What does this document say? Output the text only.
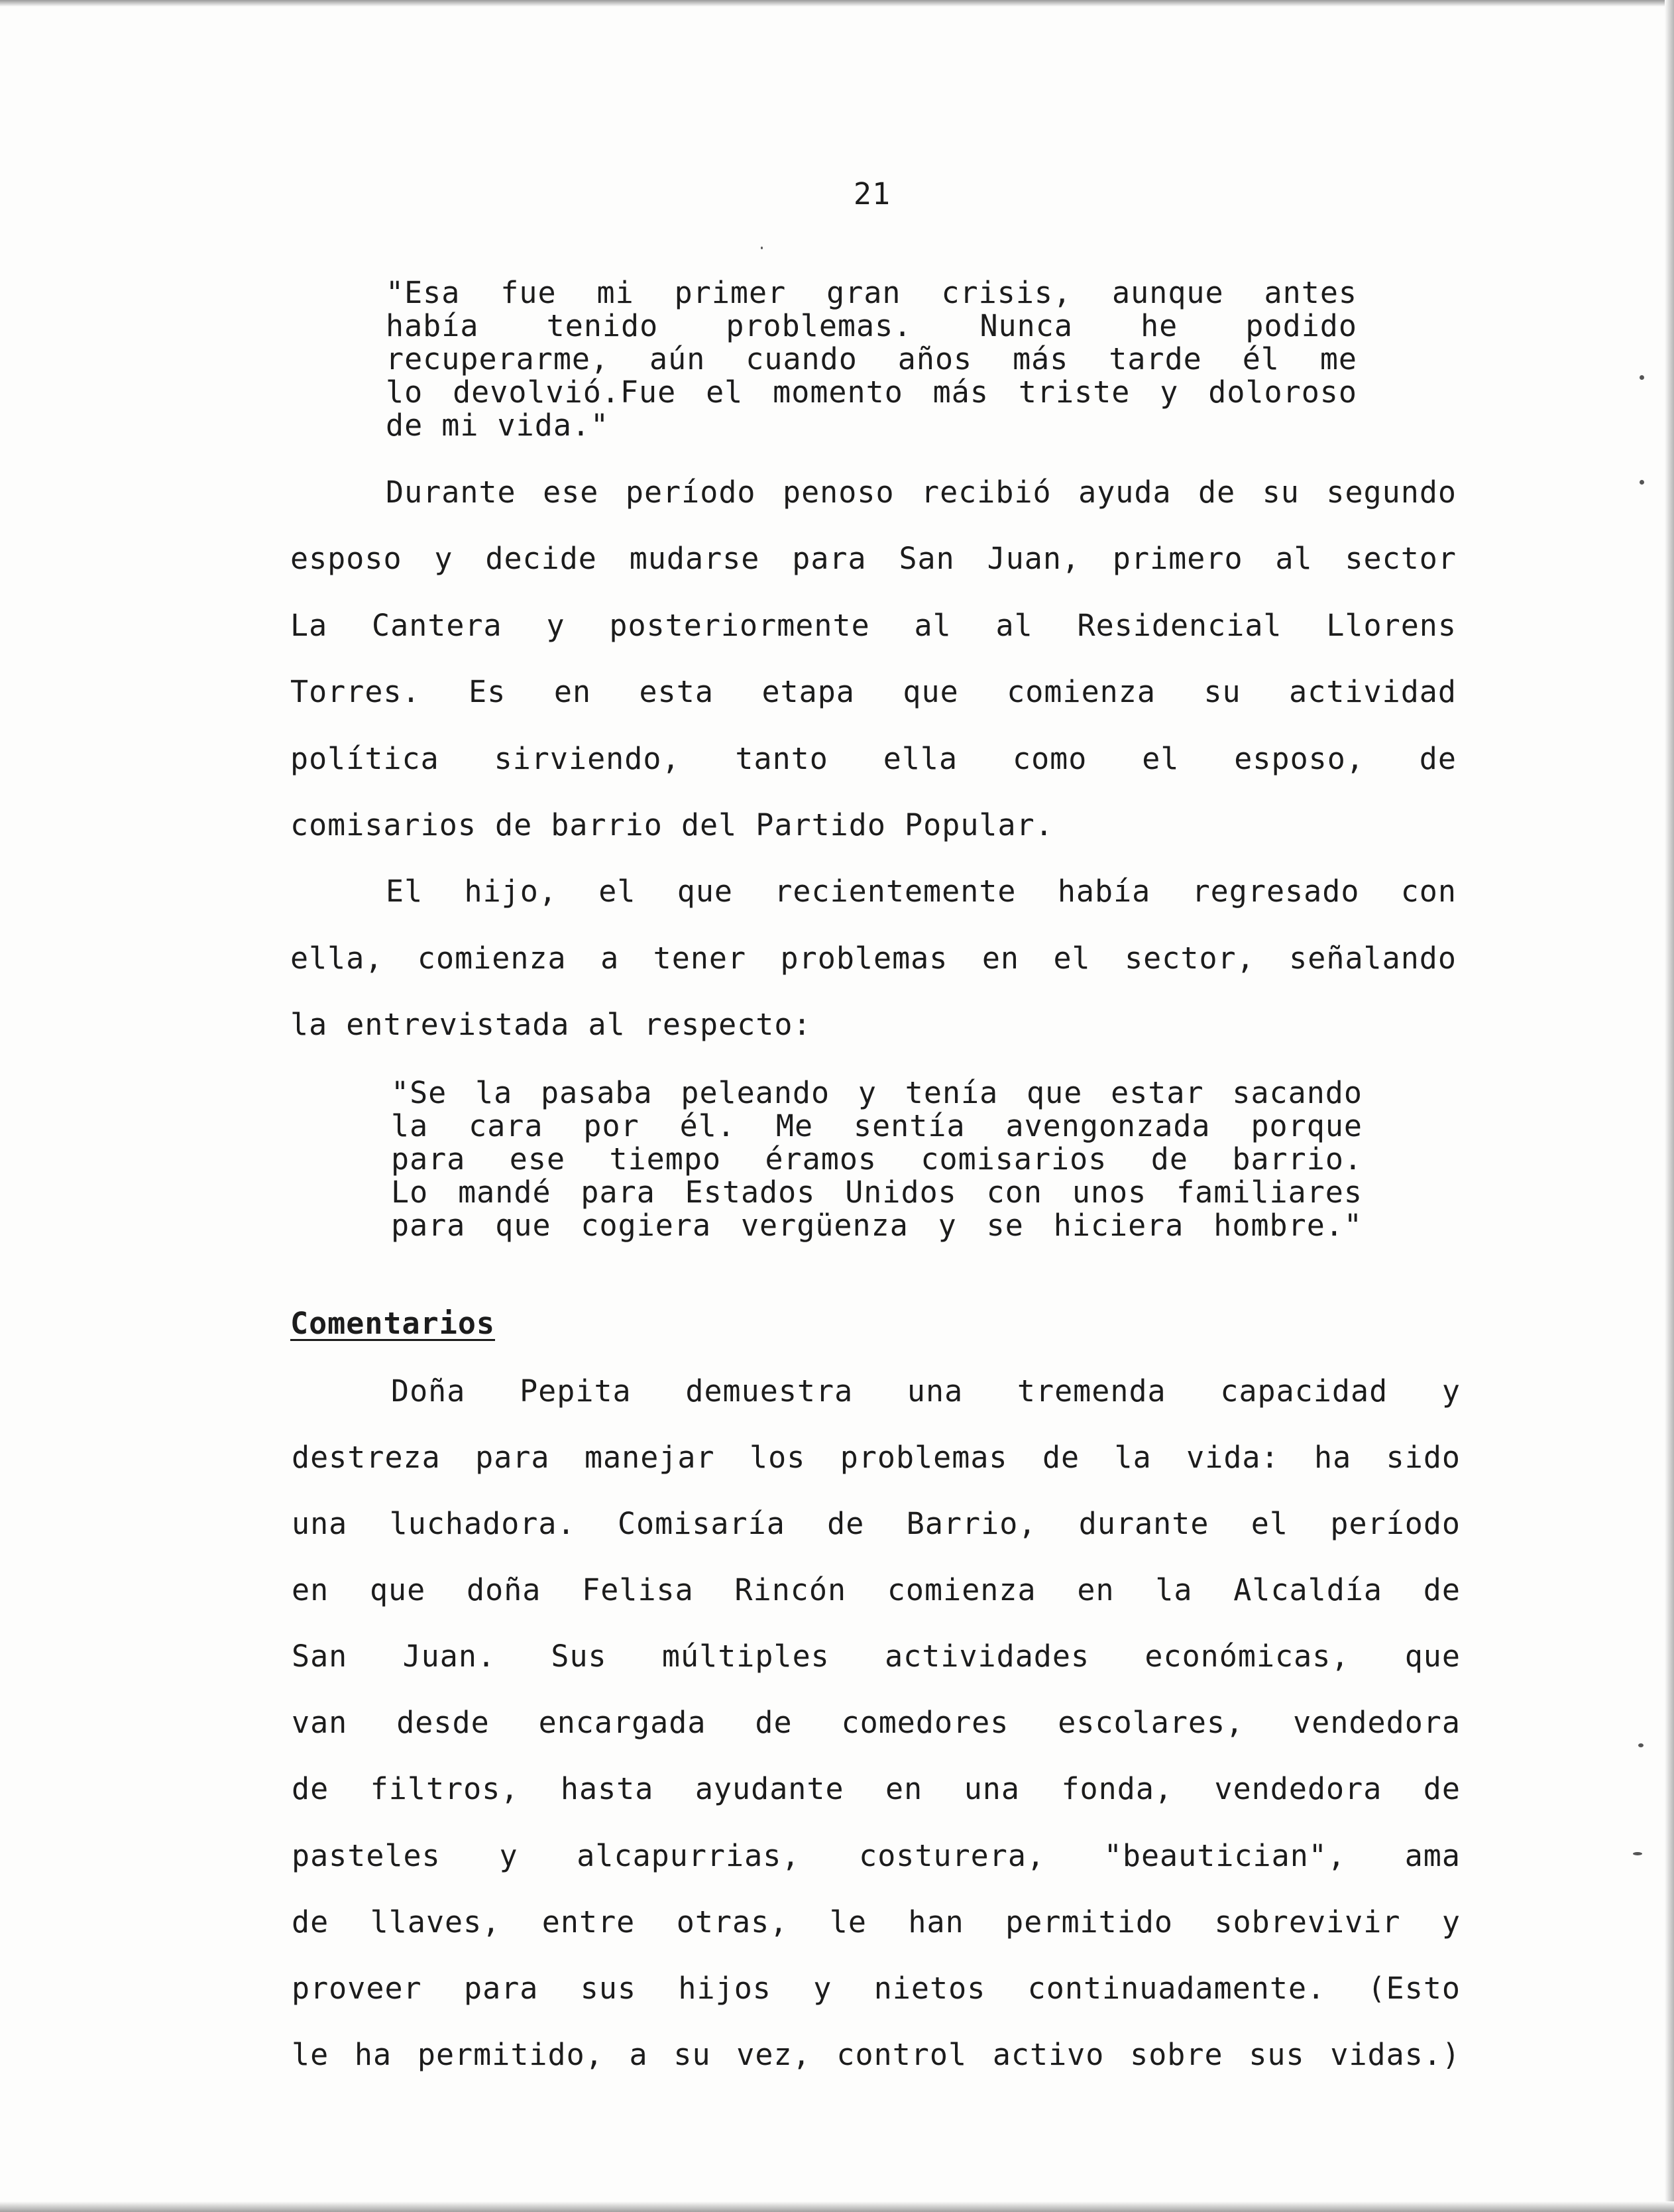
21

"Esa fue mi primer gran crisis, aunque antes

había tenido problemas. Nunca he podido

recuperarme, aún cuando años más tarde él me

lo devolvió.Fue el momento más triste y doloroso

de mi vida."

Durante ese período penoso recibió ayuda de su segundo

esposo y decide mudarse para San Juan, primero al sector

La Cantera y posteriormente al al Residencial Llorens

Torres. Es en esta etapa que comienza su actividad

política sirviendo, tanto ella como el esposo, de

comisarios de barrio del Partido Popular.

El hijo, el que recientemente había regresado con

ella, comienza a tener problemas en el sector, señalando

la entrevistada al respecto:

"Se la pasaba peleando y tenía que estar sacando

la cara por él. Me sentía avengonzada porque

para ese tiempo éramos comisarios de barrio.

Lo mandé para Estados Unidos con unos familiares

para que cogiera vergüenza y se hiciera hombre."

Comentarios

Doña Pepita demuestra una tremenda capacidad y

destreza para manejar los problemas de la vida: ha sido

una luchadora. Comisaría de Barrio, durante el período

en que doña Felisa Rincón comienza en la Alcaldía de

San Juan. Sus múltiples actividades económicas, que

van desde encargada de comedores escolares, vendedora

de filtros, hasta ayudante en una fonda, vendedora de

pasteles y alcapurrias, costurera, "beautician", ama

de llaves, entre otras, le han permitido sobrevivir y

proveer para sus hijos y nietos continuadamente. (Esto

le ha permitido, a su vez, control activo sobre sus vidas.)
